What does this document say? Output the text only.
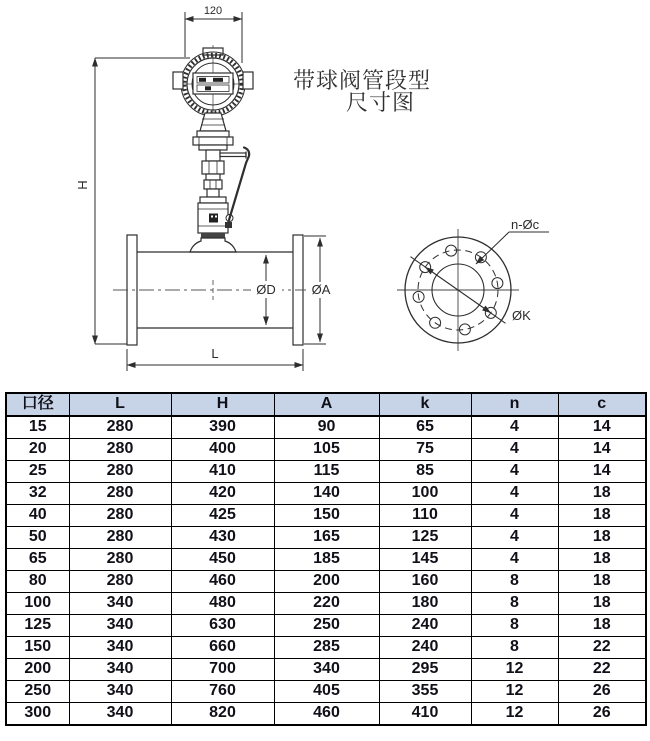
120
H
ØD	ØA
L
ØK
n-Øc
带球阀管段型
尺寸图
口径	L	H	A	k	n	c
15	280	390	90	65	4	14
20	280	400	105	75	4	14
25	280	410	115	85	4	14
32	280	420	140	100	4	18
40	280	425	150	110	4	18
50	280	430	165	125	4	18
65	280	450	185	145	4	18
80	280	460	200	160	8	18
100	340	480	220	180	8	18
125	340	630	250	240	8	18
150	340	660	285	240	8	22
200	340	700	340	295	12	22
250	340	760	405	355	12	26
300	340	820	460	410	12	26
